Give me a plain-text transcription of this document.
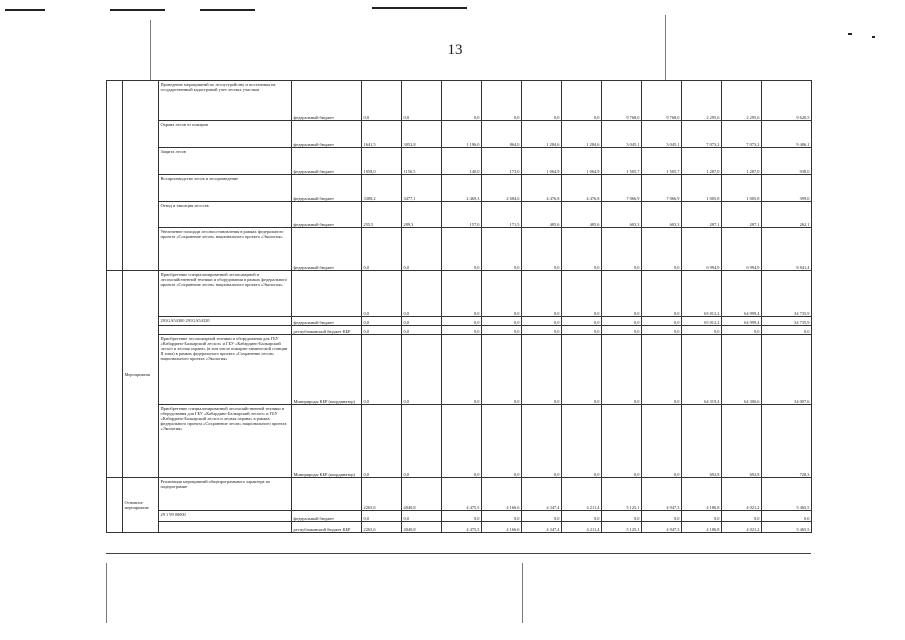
13
		Проведение мероприятий по лесоустройству и постановка на государственный кадастровый учет лесных участков	федеральный бюджет	0,0	0,0	0,0	0,0	0,0	0,0	9 768,0	9 768,0	2 295,6	2 295,6	9 620,5
		Охрана лесов от пожаров	федеральный бюджет	1641,5	3052,8	1 196,0	864,0	1 284,6	1 284,6	3 045,1	3 045,1	7 073,2	7 073,2	9 406,1
		Защита лесов	федеральный бюджет	1058,0	1156,5	140,0	173,0	1 064,9	1 064,9	1 505,7	1 505,7	1 287,0	1 287,0	938,0
		Воспроизводство лесов и лесоразведение	федеральный бюджет	3388,2	3477,1	2 469,3	2 684,6	4 476,8	4 476,8	7 066,9	7 066,9	1 005,8	1 005,8	399,0
		Отвод и таксация лесосек	федеральный бюджет	255,5	289,3	157,0	171,5	485,6	485,6	603,3	603,3	287,1	287,1	262,1
		Увеличение площади лесовосстановления в рамках федерального проекта «Сохранение лесов» национального проекта «Экология»	федеральный бюджет	0,0	0,0	0,0	0,0	0,0	0,0	0,0	0,0	6 994,9	6 994,9	8 841,4
	Мероприятия	Приобретение специализированной лесопожарной и лесохозяйственной техники и оборудования в рамках федерального проекта «Сохранение лесов» национального проекта «Экология»		0,0	0,0	0,0	0,0	0,0	0,0	0,0	0,0	65 012,2	64 999,4	34 735,9
		291GA54300 291GA54320	федеральный бюджет	0,0	0,0	0,0	0,0	0,0	0,0	0,0	0,0	65 012,2	64 999,4	34 735,9
			республиканский бюджет КБР	0,0	0,0	0,0	0,0	0,0	0,0	0,0	0,0	0,0	0,0	0,0
		Приобретение лесопожарной техники и оборудования для ГБУ «Кабардино-Балкарский лесхоз» и ГБУ «Кабардино-Балкарский лесхоз и лесная охрана» (в том числе пожарно-химической станции II типа) в рамках федерального проекта «Сохранение лесов» национального проекта «Экология»	Минприроды КБР (координатор)	0,0	0,0	0,0	0,0	0,0	0,0	0,0	0,0	64 319,4	64 306,6	34 007,6
		Приобретение специализированной лесохозяйственной техники и оборудования для ГБУ «Кабардино-Балкарский лесхоз» и ГБУ «Кабардино-Балкарский лесхоз и лесная охрана» в рамках федерального проекта «Сохранение лесов» национального проекта «Экология»	Минприроды КБР (координатор)	0,0	0,0	0,0	0,0	0,0	0,0	0,0	0,0	692,8	692,8	728,3
	Основное мероприятие	Реализация мероприятий общепрограммного характера по подпрограмме		2265,6	4040,8	4 475,5	4 166,6	4 347,4	4 211,4	5 125,1	4 947,3	4 186,8	4 021,2	5 465,5
		29 1 99 00000	федеральный бюджет	0,0	0,0	0,0	0,0	0,0	0,0	0,0	0,0	0,0	0,0	0,0
			республиканский бюджет КБР	2265,6	4040,8	4 475,5	4 166,6	4 347,4	4 211,4	5 125,1	4 947,3	4 186,8	4 021,2	5 465,5
